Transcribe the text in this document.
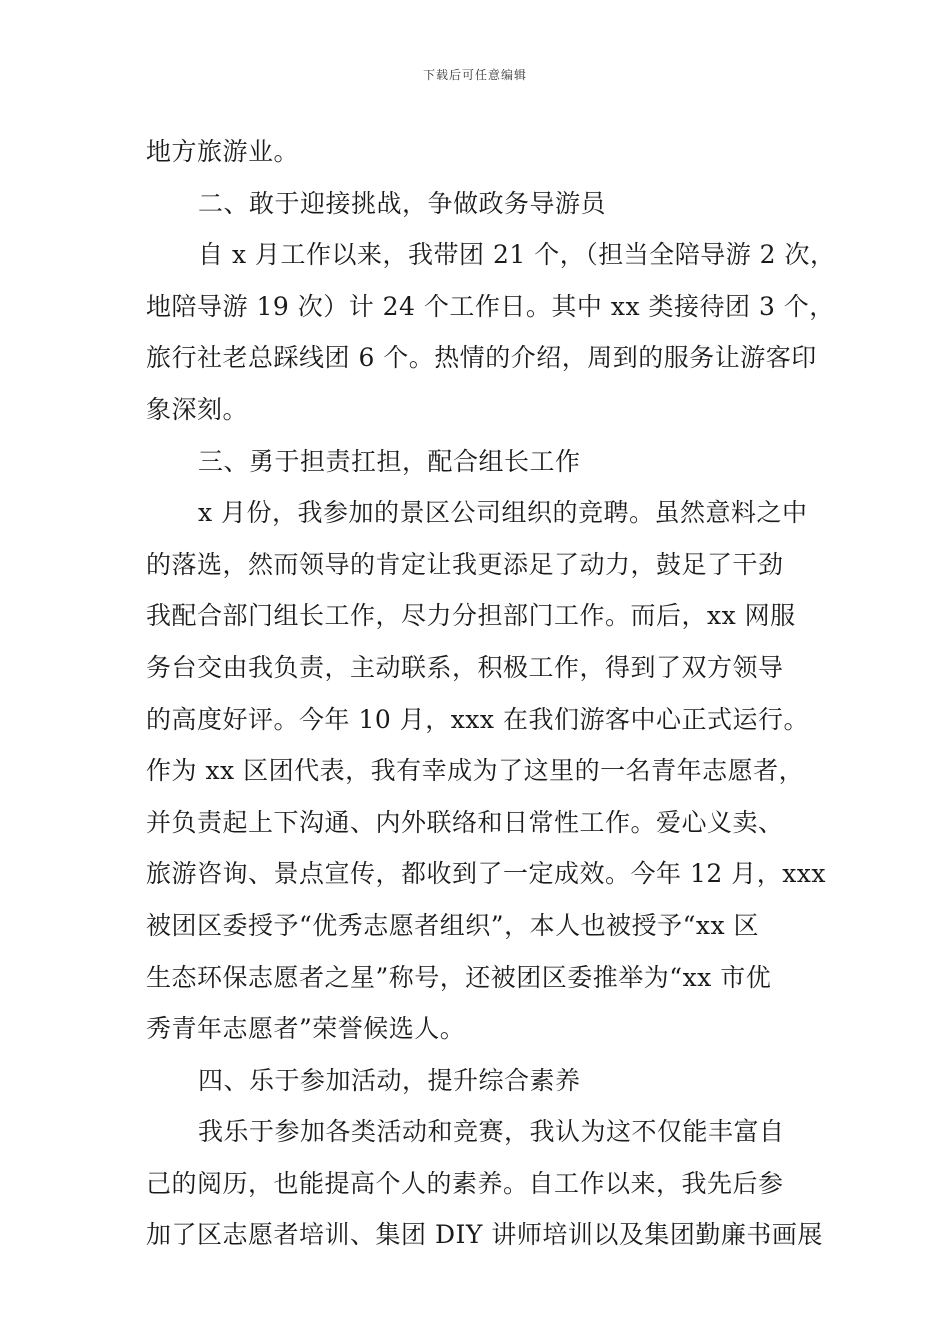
下载后可任意编辑
地方旅游业。
二、敢于迎接挑战，争做政务导游员
自 x 月工作以来，我带团 21 个，（担当全陪导游 2 次，
地陪导游 19 次）计 24 个工作日。其中 xx 类接待团 3 个，
旅行社老总踩线团 6 个。热情的介绍，周到的服务让游客印
象深刻。
三、勇于担责扛担，配合组长工作
x 月份，我参加的景区公司组织的竞聘。虽然意料之中
的落选，然而领导的肯定让我更添足了动力，鼓足了干劲
我配合部门组长工作，尽力分担部门工作。而后，xx 网服
务台交由我负责，主动联系，积极工作，得到了双方领导
的高度好评。今年 10 月，xxx 在我们游客中心正式运行。
作为 xx 区团代表，我有幸成为了这里的一名青年志愿者，
并负责起上下沟通、内外联络和日常性工作。爱心义卖、
旅游咨询、景点宣传，都收到了一定成效。今年 12 月，xxx
被团区委授予“优秀志愿者组织”，本人也被授予“xx 区
生态环保志愿者之星”称号，还被团区委推举为“xx 市优
秀青年志愿者”荣誉候选人。
四、乐于参加活动，提升综合素养
我乐于参加各类活动和竞赛，我认为这不仅能丰富自
己的阅历，也能提高个人的素养。自工作以来，我先后参
加了区志愿者培训、集团 DIY 讲师培训以及集团勤廉书画展
